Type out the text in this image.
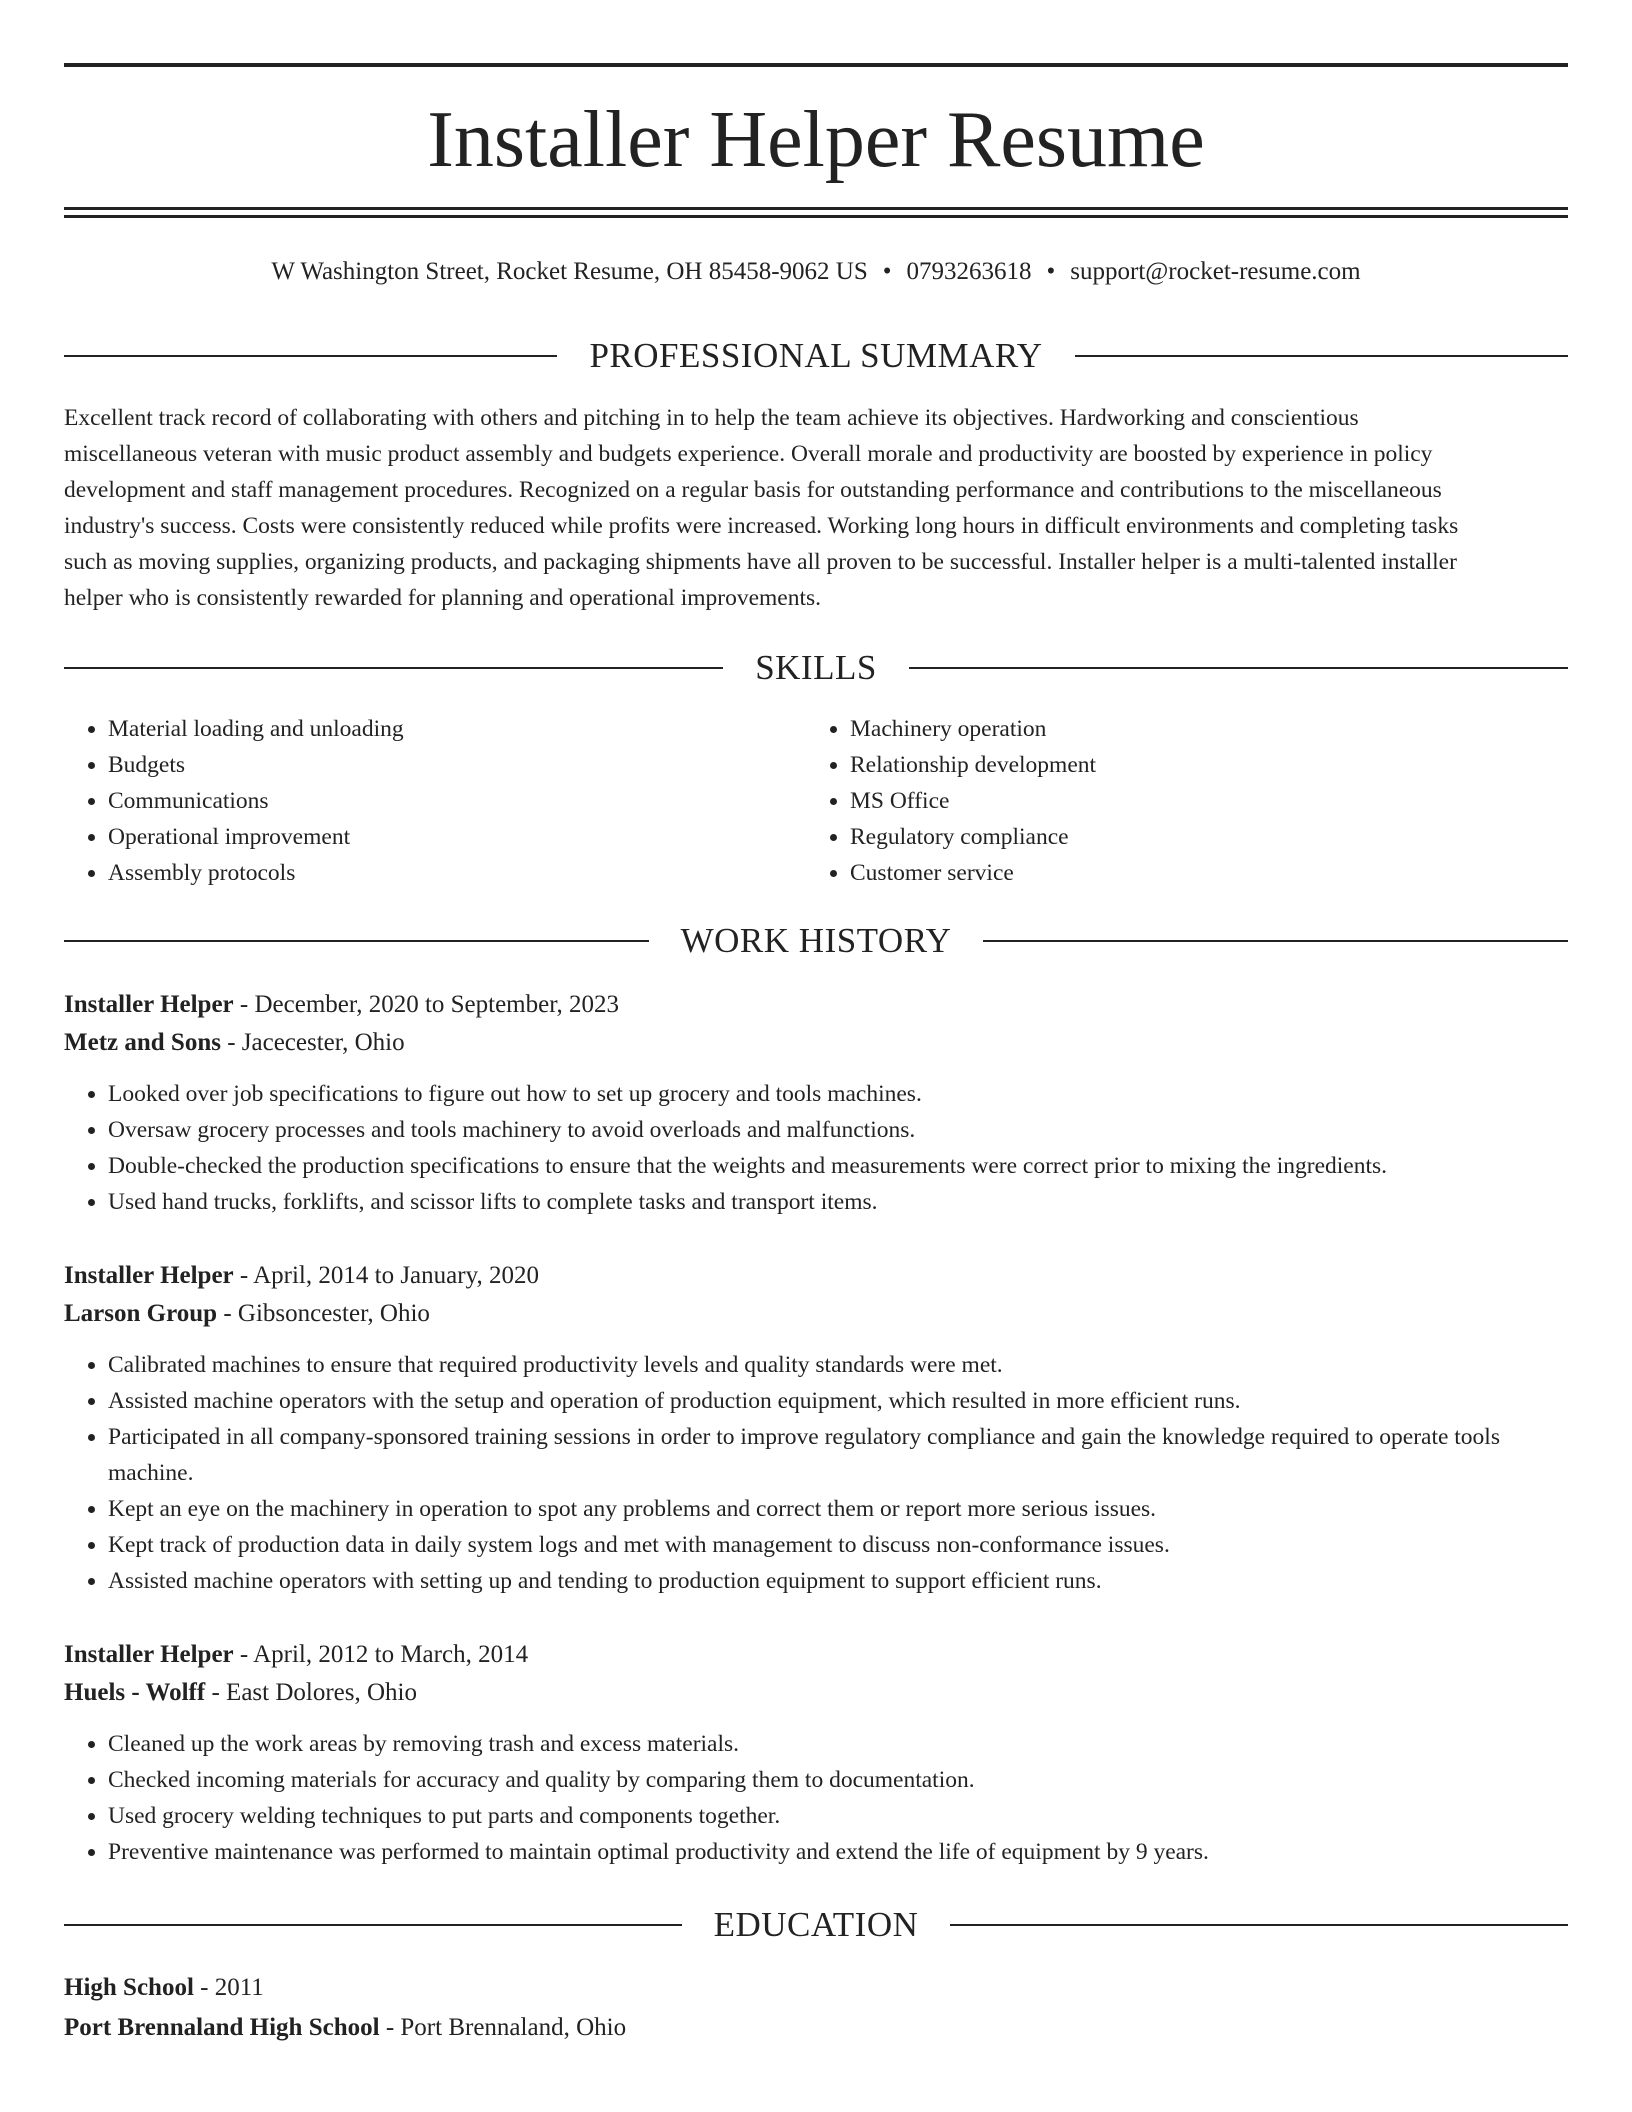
Installer Helper Resume
W Washington Street, Rocket Resume, OH 85458-9062 US • 0793263618 • support@rocket-resume.com
PROFESSIONAL SUMMARY

Excellent track record of collaborating with others and pitching in to help the team achieve its objectives. Hardworking and conscientious
miscellaneous veteran with music product assembly and budgets experience. Overall morale and productivity are boosted by experience in policy
development and staff management procedures. Recognized on a regular basis for outstanding performance and contributions to the miscellaneous
industry's success. Costs were consistently reduced while profits were increased. Working long hours in difficult environments and completing tasks
such as moving supplies, organizing products, and packaging shipments have all proven to be successful. Installer helper is a multi-talented installer
helper who is consistently rewarded for planning and operational improvements.

SKILLS
• Material loading and unloading
• Budgets
• Communications
• Operational improvement
• Assembly protocols
• Machinery operation
• Relationship development
• MS Office
• Regulatory compliance
• Customer service
WORK HISTORY
Installer Helper - December, 2020 to September, 2023
Metz and Sons - Jacecester, Ohio
• Looked over job specifications to figure out how to set up grocery and tools machines.
• Oversaw grocery processes and tools machinery to avoid overloads and malfunctions.
• Double-checked the production specifications to ensure that the weights and measurements were correct prior to mixing the ingredients.
• Used hand trucks, forklifts, and scissor lifts to complete tasks and transport items.
Installer Helper - April, 2014 to January, 2020
Larson Group - Gibsoncester, Ohio
• Calibrated machines to ensure that required productivity levels and quality standards were met.
• Assisted machine operators with the setup and operation of production equipment, which resulted in more efficient runs.
• Participated in all company-sponsored training sessions in order to improve regulatory compliance and gain the knowledge required to operate tools machine.
• Kept an eye on the machinery in operation to spot any problems and correct them or report more serious issues.
• Kept track of production data in daily system logs and met with management to discuss non-conformance issues.
• Assisted machine operators with setting up and tending to production equipment to support efficient runs.
Installer Helper - April, 2012 to March, 2014
Huels - Wolff - East Dolores, Ohio
• Cleaned up the work areas by removing trash and excess materials.
• Checked incoming materials for accuracy and quality by comparing them to documentation.
• Used grocery welding techniques to put parts and components together.
• Preventive maintenance was performed to maintain optimal productivity and extend the life of equipment by 9 years.
EDUCATION
High School - 2011
Port Brennaland High School - Port Brennaland, Ohio
